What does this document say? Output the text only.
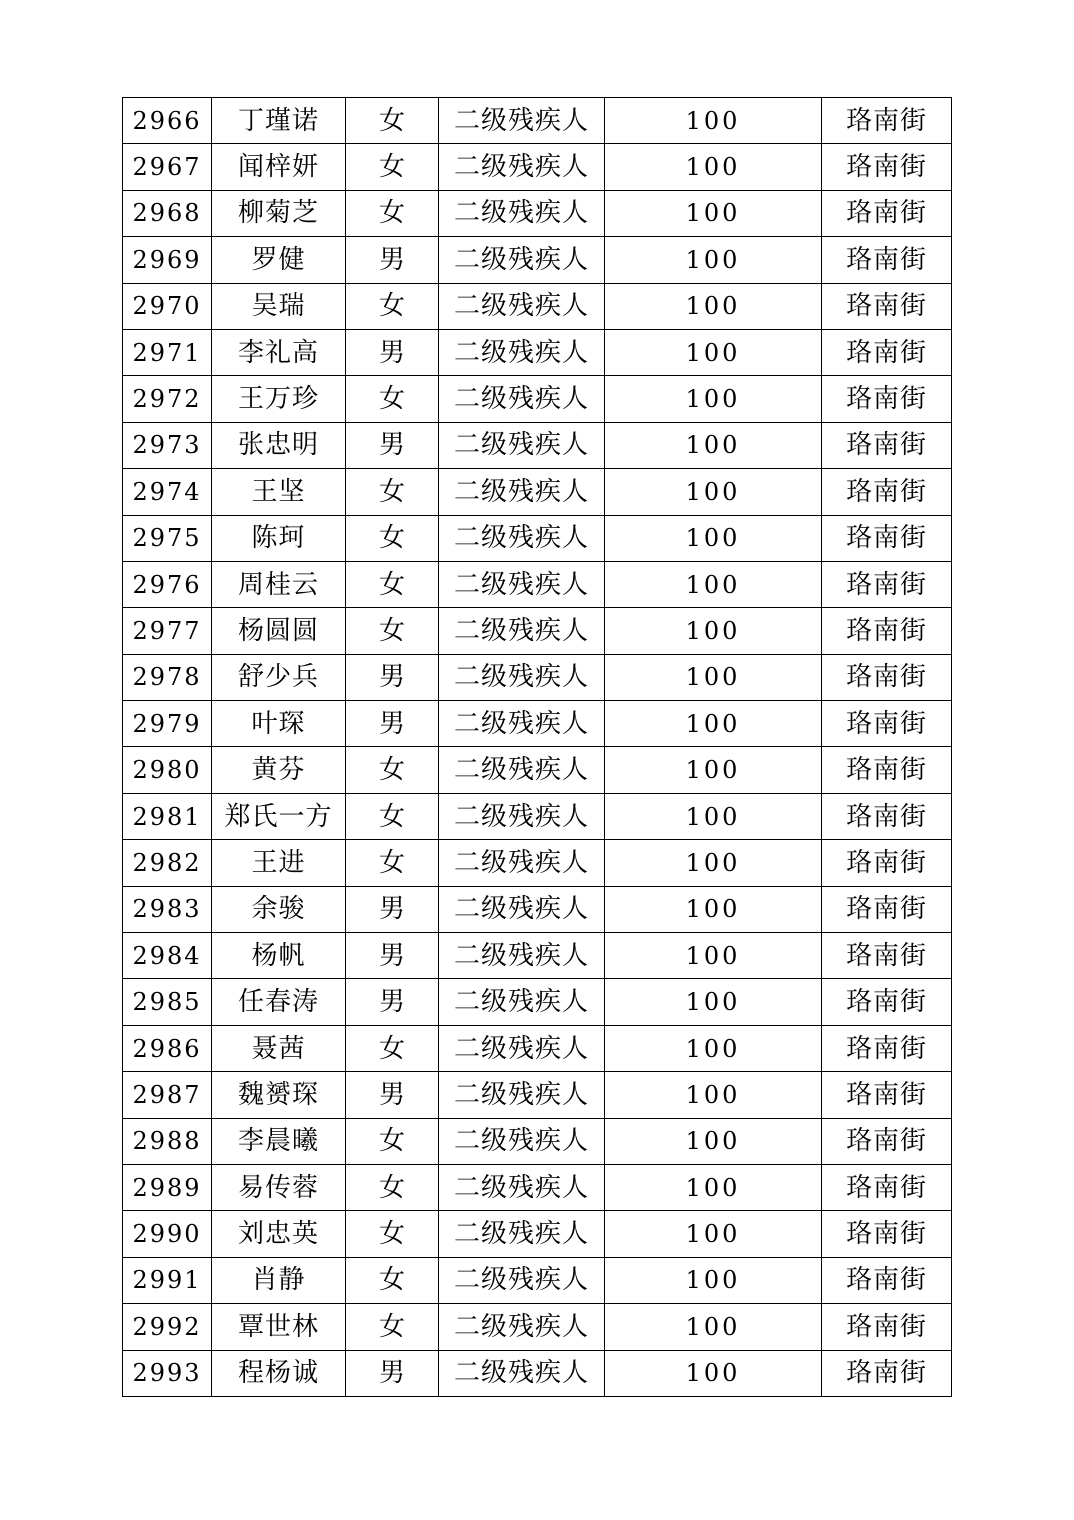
2966	丁瑾诺	女	二级残疾人	100	珞南街
2967	闻梓妍	女	二级残疾人	100	珞南街
2968	柳菊芝	女	二级残疾人	100	珞南街
2969	罗健	男	二级残疾人	100	珞南街
2970	吴瑞	女	二级残疾人	100	珞南街
2971	李礼高	男	二级残疾人	100	珞南街
2972	王万珍	女	二级残疾人	100	珞南街
2973	张忠明	男	二级残疾人	100	珞南街
2974	王坚	女	二级残疾人	100	珞南街
2975	陈珂	女	二级残疾人	100	珞南街
2976	周桂云	女	二级残疾人	100	珞南街
2977	杨圆圆	女	二级残疾人	100	珞南街
2978	舒少兵	男	二级残疾人	100	珞南街
2979	叶琛	男	二级残疾人	100	珞南街
2980	黄芬	女	二级残疾人	100	珞南街
2981	郑氏一方	女	二级残疾人	100	珞南街
2982	王进	女	二级残疾人	100	珞南街
2983	余骏	男	二级残疾人	100	珞南街
2984	杨帆	男	二级残疾人	100	珞南街
2985	任春涛	男	二级残疾人	100	珞南街
2986	聂茜	女	二级残疾人	100	珞南街
2987	魏赟琛	男	二级残疾人	100	珞南街
2988	李晨曦	女	二级残疾人	100	珞南街
2989	易传蓉	女	二级残疾人	100	珞南街
2990	刘忠英	女	二级残疾人	100	珞南街
2991	肖静	女	二级残疾人	100	珞南街
2992	覃世林	女	二级残疾人	100	珞南街
2993	程杨诚	男	二级残疾人	100	珞南街
